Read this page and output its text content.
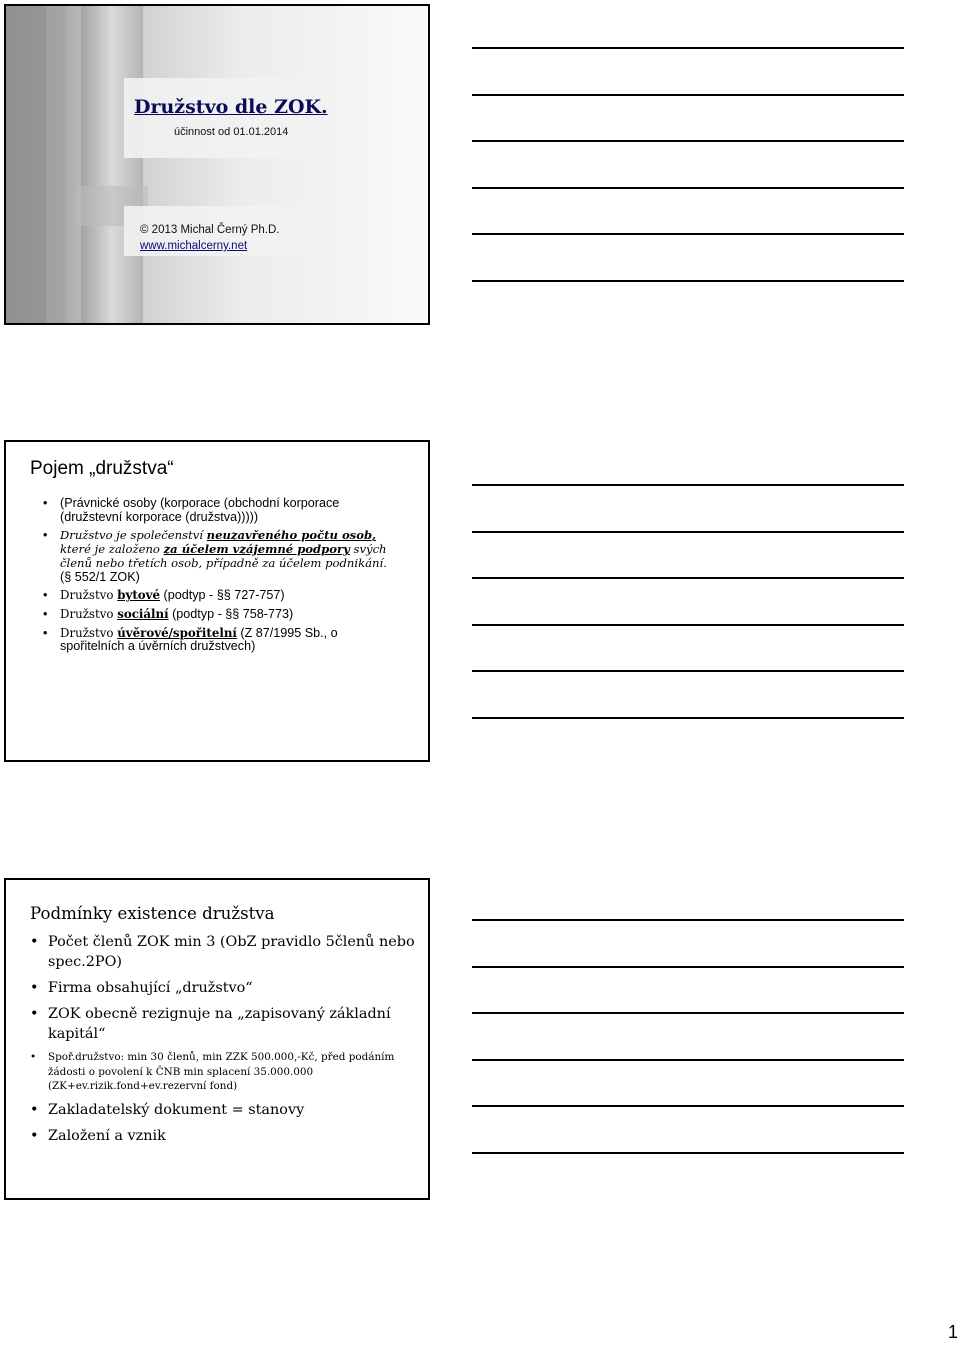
Družstvo dle ZOK.
účinnost od 01.01.2014
© 2013 Michal Černý Ph.D.
www.michalcerny.net
Pojem „družstva“
• (Právnické osoby (korporace (obchodní korporace
(družstevní korporace (družstva)))))
• Družstvo je společenství neuzavřeného počtu osob, které je založeno za účelem vzájemné podpory svých členů nebo třetích osob, případně za účelem podnikání.
(§ 552/1 ZOK)
• Družstvo bytové (podtyp - §§ 727-757)
• Družstvo sociální (podtyp - §§ 758-773)
• Družstvo úvěrové/spořitelní (Z 87/1995 Sb., o spořitelních a úvěrních družstvech)
Podmínky existence družstva
• Počet členů ZOK min 3 (ObZ pravidlo 5členů nebo spec.2PO)
• Firma obsahující „družstvo“
• ZOK obecně rezignuje na „zapisovaný základní kapitál“
• Spoř.družstvo: min 30 členů, min ZZK 500.000,-Kč, před podáním žádosti o povolení k ČNB min splacení 35.000.000 (ZK+ev.rizik.fond+ev.rezervní fond)
• Zakladatelský dokument = stanovy
• Založení a vznik
1
